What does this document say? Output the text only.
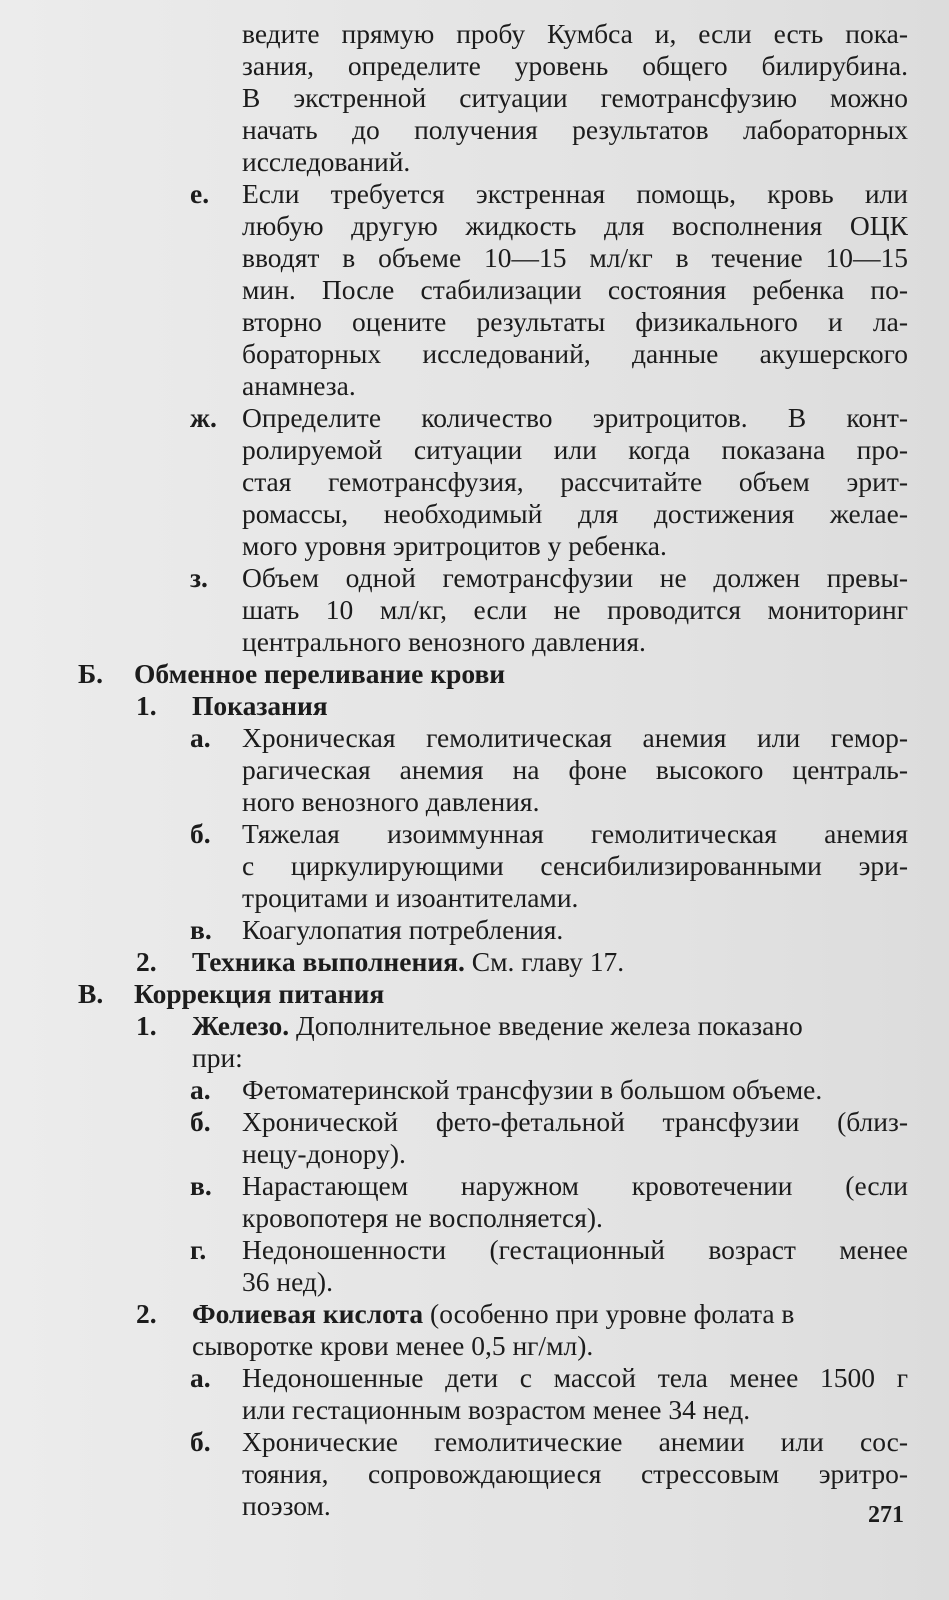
ведите прямую пробу Кумбса и, если есть пока-
зания, определите уровень общего билирубина.
В экстренной ситуации гемотрансфузию можно
начать до получения результатов лабораторных
исследований.
е. Если требуется экстренная помощь, кровь или
любую другую жидкость для восполнения ОЦК
вводят в объеме 10—15 мл/кг в течение 10—15
мин. После стабилизации состояния ребенка по-
вторно оцените результаты физикального и ла-
бораторных исследований, данные акушерского
анамнеза.
ж. Определите количество эритроцитов. В конт-
ролируемой ситуации или когда показана про-
стая гемотрансфузия, рассчитайте объем эрит-
ромассы, необходимый для достижения желае-
мого уровня эритроцитов у ребенка.
з. Объем одной гемотрансфузии не должен превы-
шать 10 мл/кг, если не проводится мониторинг
центрального венозного давления.
Б. Обменное переливание крови
1. Показания
а. Хроническая гемолитическая анемия или гемор-
рагическая анемия на фоне высокого централь-
ного венозного давления.
б. Тяжелая изоиммунная гемолитическая анемия
с циркулирующими сенсибилизированными эри-
троцитами и изоантителами.
в. Коагулопатия потребления.
2. Техника выполнения. См. главу 17.
В. Коррекция питания
1. Железо. Дополнительное введение железа показано
при:
а. Фетоматеринской трансфузии в большом объеме.
б. Хронической фето-фетальной трансфузии (близ-
нецу-донору).
в. Нарастающем наружном кровотечении (если
кровопотеря не восполняется).
г. Недоношенности (гестационный возраст менее
36 нед).
2. Фолиевая кислота (особенно при уровне фолата в
сыворотке крови менее 0,5 нг/мл).
а. Недоношенные дети с массой тела менее 1500 г
или гестационным возрастом менее 34 нед.
б. Хронические гемолитические анемии или сос-
тояния, сопровождающиеся стрессовым эритро-
поэзом.	271
